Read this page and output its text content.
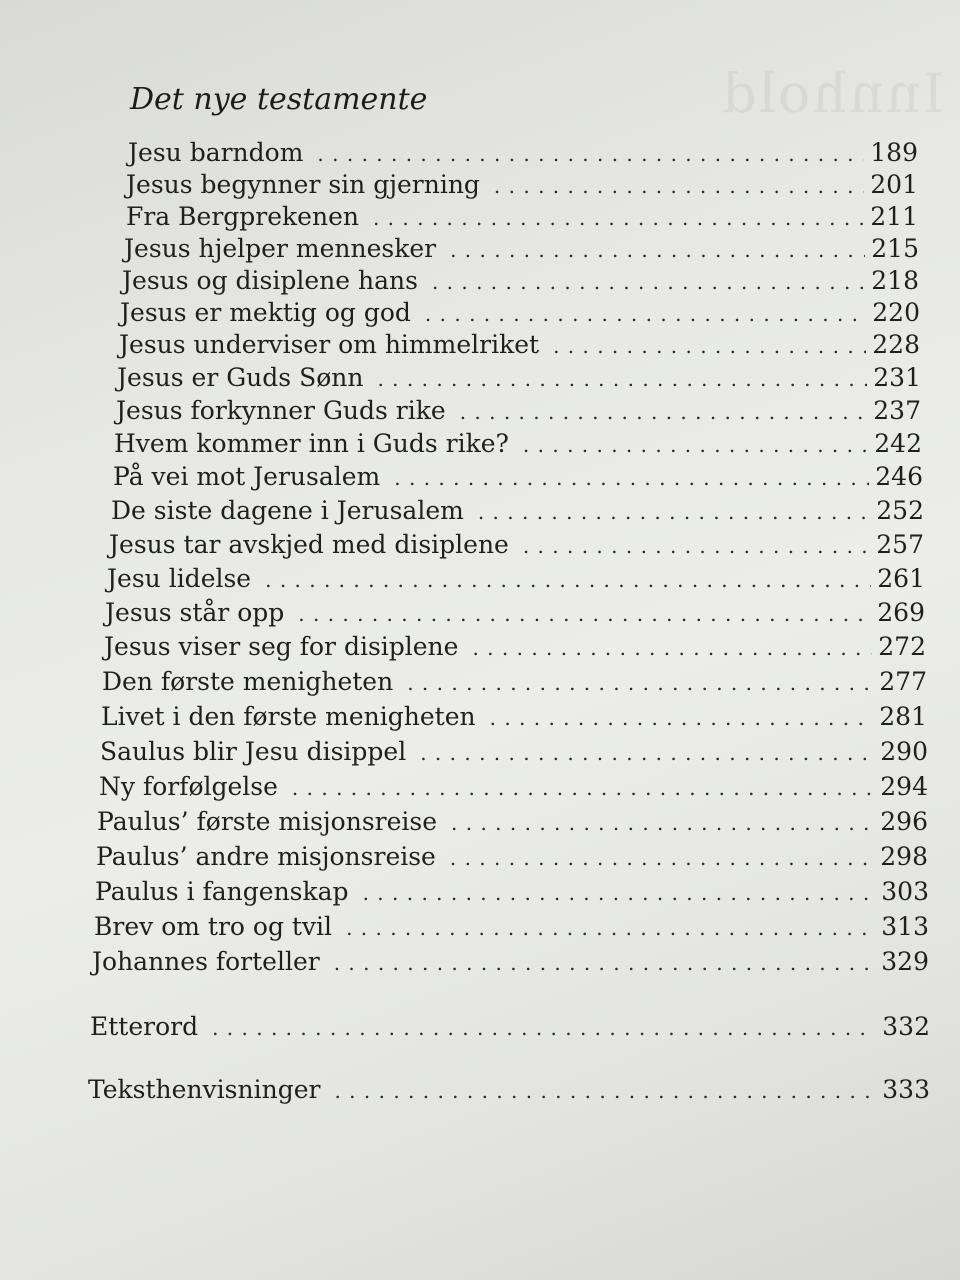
Innhold
Det nye testamente
Jesu barndom . . .	189
Jesus begynner sin gjerning . . .	201
Fra Bergprekenen . . .	211
Jesus hjelper mennesker . . .	215
Jesus og disiplene hans . . .	218
Jesus er mektig og god . . .	220
Jesus underviser om himmelriket . . .	228
Jesus er Guds Sønn . . .	231
Jesus forkynner Guds rike . . .	237
Hvem kommer inn i Guds rike? . . .	242
På vei mot Jerusalem . . .	246
De siste dagene i Jerusalem . . .	252
Jesus tar avskjed med disiplene . . .	257
Jesu lidelse . . .	261
Jesus står opp . . .	269
Jesus viser seg for disiplene . . .	272
Den første menigheten . . .	277
Livet i den første menigheten . . .	281
Saulus blir Jesu disippel . . .	290
Ny forfølgelse . . .	294
Paulus’ første misjonsreise . . .	296
Paulus’ andre misjonsreise . . .	298
Paulus i fangenskap . . .	303
Brev om tro og tvil . . .	313
Johannes forteller . . .	329
Etterord . . .	332
Teksthenvisninger . . .	333
